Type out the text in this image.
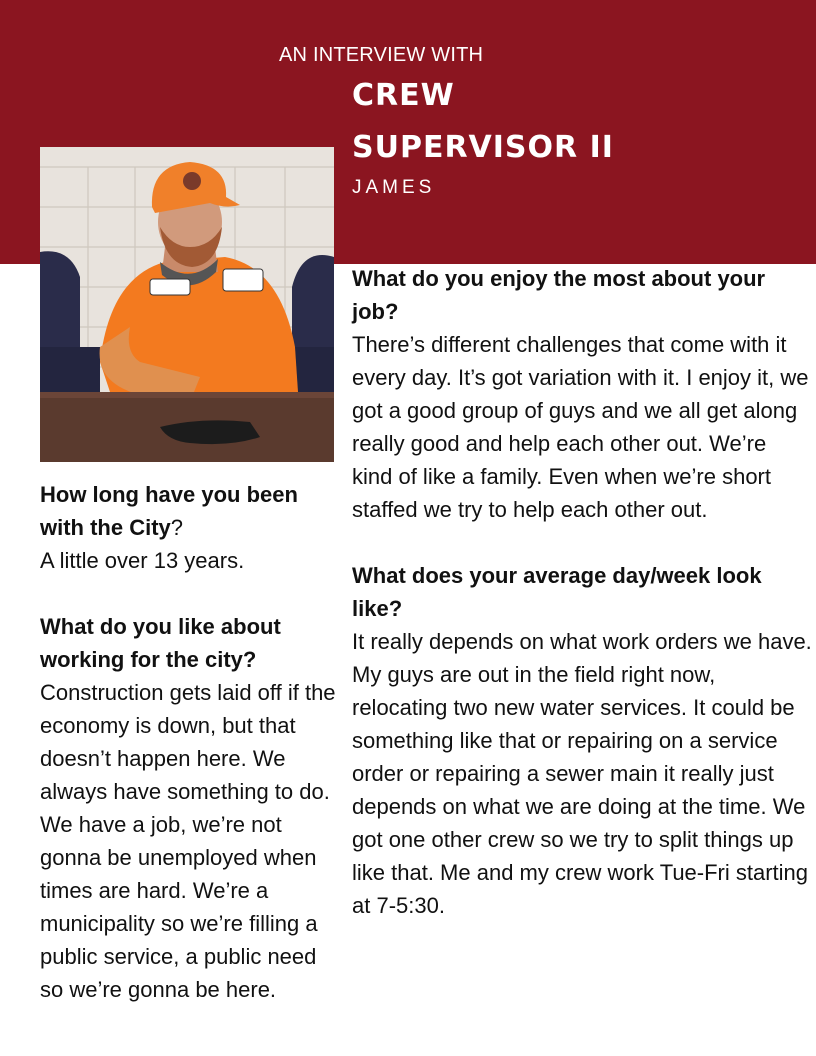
AN INTERVIEW WITH
CREW
SUPERVISOR II
JAMES

How long have you been with the City?

A little over 13 years.

What do you like about working for the city?

Construction gets laid off if the economy is down, but that doesn’t happen here. We always have something to do. We have a job, we’re not gonna be unemployed when times are hard. We’re a municipality so we’re filling a public service, a public need so we’re gonna be here.

What do you enjoy the most about your job?

There’s different challenges that come with it every day. It’s got variation with it. I enjoy it, we got a good group of guys and we all get along really good and help each other out. We’re kind of like a family. Even when we’re short staffed we try to help each other out.

What does your average day/week look like?

It really depends on what work orders we have. My guys are out in the field right now, relocating two new water services. It could be something like that or repairing on a service order or repairing a sewer main it really just depends on what we are doing at the time. We got one other crew so we try to split things up like that. Me and my crew work Tue-Fri starting at 7-5:30.
